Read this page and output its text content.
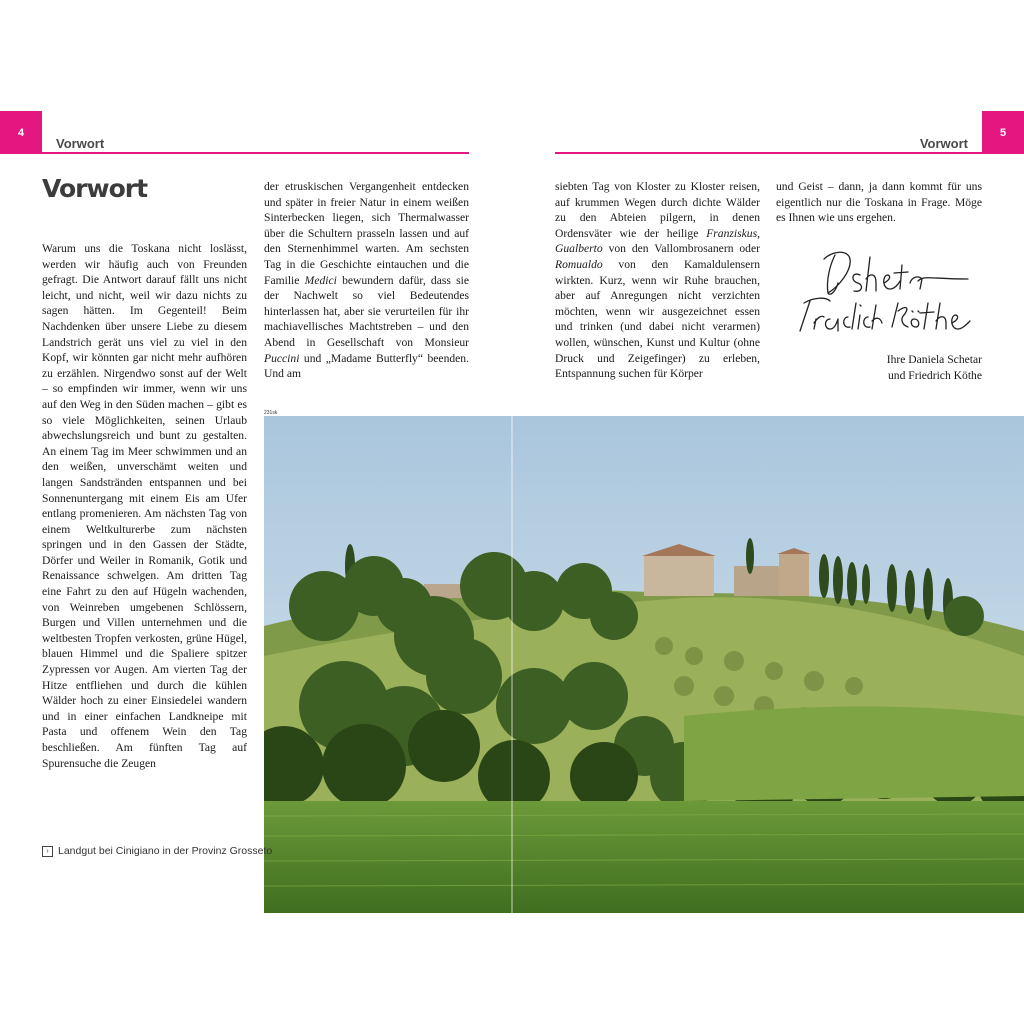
4
Vorwort
5
Vorwort
Vorwort

Warum uns die Toskana nicht loslässt, werden wir häufig auch von Freunden gefragt. Die Antwort darauf fällt uns nicht leicht, und nicht, weil wir dazu nichts zu sagen hätten. Im Gegenteil! Beim Nachdenken über unsere Liebe zu diesem Landstrich gerät uns viel zu viel in den Kopf, wir könnten gar nicht mehr aufhören zu erzählen. Nirgendwo sonst auf der Welt – so empfinden wir immer, wenn wir uns auf den Weg in den Süden machen – gibt es so viele Möglichkeiten, seinen Urlaub abwechslungsreich und bunt zu gestalten. An einem Tag im Meer schwimmen und an den weißen, unverschämt weiten und langen Sandstränden entspannen und bei Sonnenuntergang mit einem Eis am Ufer entlang promenieren. Am nächsten Tag von einem Weltkulturerbe zum nächsten springen und in den Gassen der Städte, Dörfer und Weiler in Romanik, Gotik und Renaissance schwelgen. Am dritten Tag eine Fahrt zu den auf Hügeln wachenden, von Weinreben umgebenen Schlössern, Burgen und Villen unternehmen und die weltbesten Tropfen verkosten, grüne Hügel, blauen Himmel und die Spaliere spitzer Zypressen vor Augen. Am vierten Tag der Hitze entfliehen und durch die kühlen Wälder hoch zu einer Einsiedelei wandern und in einer einfachen Landkneipe mit Pasta und offenem Wein den Tag beschließen. Am fünften Tag auf Spurensuche die Zeugen

der etruskischen Vergangenheit entdecken und später in freier Natur in einem weißen Sinterbecken liegen, sich Thermalwasser über die Schultern prasseln lassen und auf den Sternenhimmel warten. Am sechsten Tag in die Geschichte eintauchen und die Familie Medici bewundern dafür, dass sie der Nachwelt so viel Bedeutendes hinterlassen hat, aber sie verurteilen für ihr machiavellisches Machtstreben – und den Abend in Gesellschaft von Monsieur Puccini und „Madame Butterfly“ beenden. Und am

siebten Tag von Kloster zu Kloster reisen, auf krummen Wegen durch dichte Wälder zu den Abteien pilgern, in denen Ordensväter wie der heilige Franziskus, Gualberto von den Vallombrosanern oder Romualdo von den Kamaldulensern wirkten. Kurz, wenn wir Ruhe brauchen, aber auf Anregungen nicht verzichten möchten, wenn wir ausgezeichnet essen und trinken (und dabei nicht verarmen) wollen, wünschen, Kunst und Kultur (ohne Druck und Zeigefinger) zu erleben, Entspannung suchen für Körper

und Geist – dann, ja dann kommt für uns eigentlich nur die Toskana in Frage. Möge es Ihnen wie uns ergehen.

Ihre Daniela Schetar
und Friedrich Köthe
231sk
› Landgut bei Cinigiano in der Provinz Grosseto
